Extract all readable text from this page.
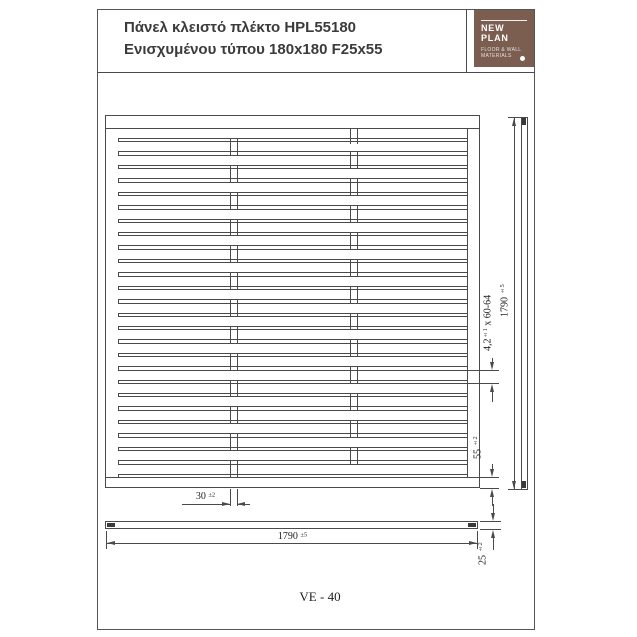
Πάνελ κλειστό πλέκτο HPL55180
Ενισχυμένου τύπου 180x180 F25x55
NEW
PLAN
FLOOR & WALL
MATERIALS
30 $^{\pm 2}$
1790 $^{\pm 5}$
25 $^{\pm 2}$
1790 $^{\pm 5}$
$4,2^{\pm 1}$ x 60-64
55 $^{\pm 2}$
VE - 40
